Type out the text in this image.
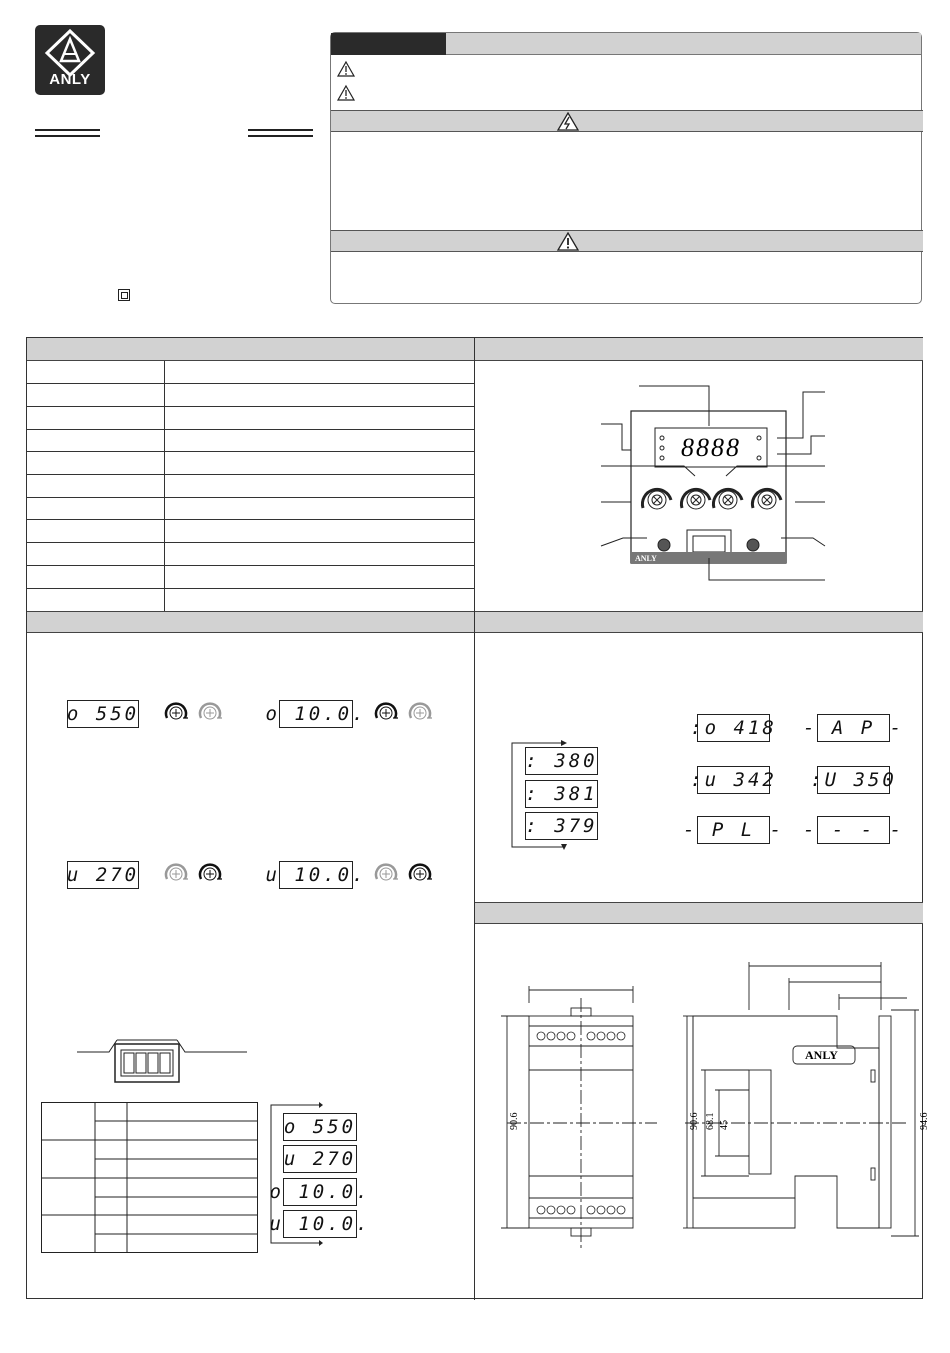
ANLY
o 550	o 10.0.
u 270	u 10.0.
o 550
u 270
o 10.0.
u 10.0.
8888
ANLY
: 380
: 381
: 379
:o 418 - A P -
:u 342 :U 350
- P L - - - - -
90.6
ANLY
90.6 68.1 45	94.6
